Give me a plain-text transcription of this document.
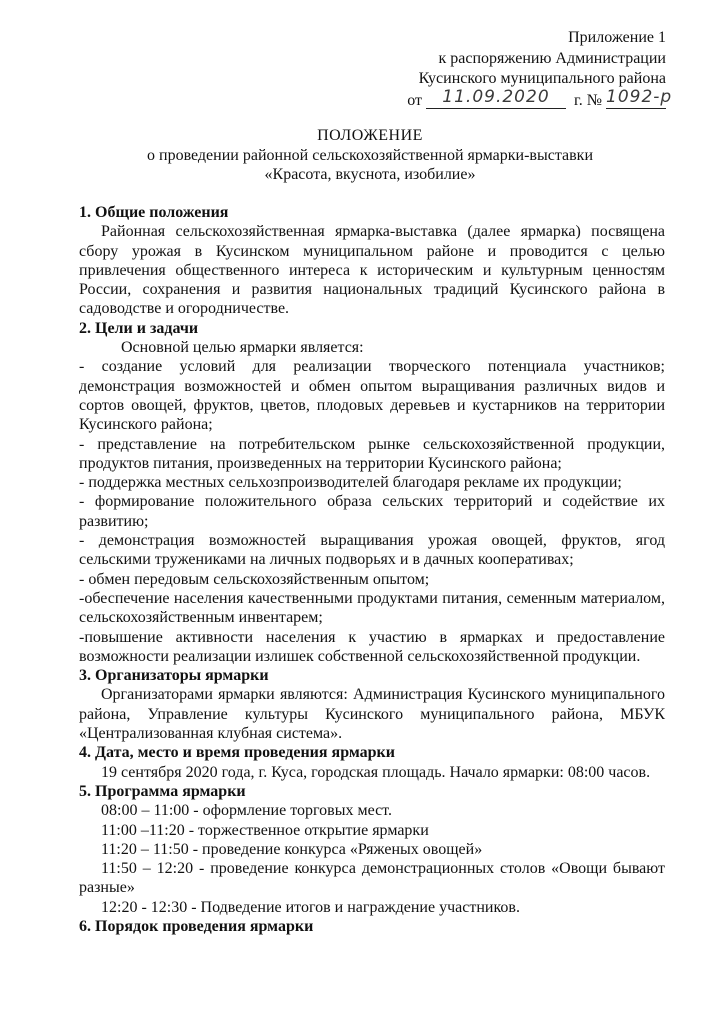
Приложение 1
к распоряжению Администрации
Кусинского муниципального района
от 11.09.2020 г. № 1092-р
ПОЛОЖЕНИЕ
о проведении районной сельскохозяйственной ярмарки-выставки
«Красота, вкуснота, изобилие»

1. Общие положения

Районная сельскохозяйственная ярмарка-выставка (далее ярмарка) посвящена сбору урожая в Кусинском муниципальном районе и проводится с целью привлечения общественного интереса к историческим и культурным ценностям России, сохранения и развития национальных традиций Кусинского района в садоводстве и огородничестве.

2. Цели и задачи

Основной целью ярмарки является:

- создание условий для реализации творческого потенциала участников; демонстрация возможностей и обмен опытом выращивания различных видов и сортов овощей, фруктов, цветов, плодовых деревьев и кустарников на территории Кусинского района;

- представление на потребительском рынке сельскохозяйственной продукции, продуктов питания, произведенных на территории Кусинского района;

- поддержка местных сельхозпроизводителей благодаря рекламе их продукции;

- формирование положительного образа сельских территорий и содействие их развитию;

- демонстрация возможностей выращивания урожая овощей, фруктов, ягод сельскими тружениками на личных подворьях и в дачных кооперативах;

- обмен передовым сельскохозяйственным опытом;

-обеспечение населения качественными продуктами питания, семенным материалом, сельскохозяйственным инвентарем;

-повышение активности населения к участию в ярмарках и предоставление возможности реализации излишек собственной сельскохозяйственной продукции.

3. Организаторы ярмарки

Организаторами ярмарки являются: Администрация Кусинского муниципального района, Управление культуры Кусинского муниципального района, МБУК «Централизованная клубная система».

4. Дата, место и время проведения ярмарки

19 сентября 2020 года, г. Куса, городская площадь. Начало ярмарки: 08:00 часов.

5. Программа ярмарки

08:00 – 11:00 - оформление торговых мест.

11:00 –11:20 - торжественное открытие ярмарки

11:20 – 11:50 - проведение конкурса «Ряженых овощей»

11:50 – 12:20 - проведение конкурса демонстрационных столов «Овощи бывают разные»

12:20 - 12:30 - Подведение итогов и награждение участников.

6. Порядок проведения ярмарки
